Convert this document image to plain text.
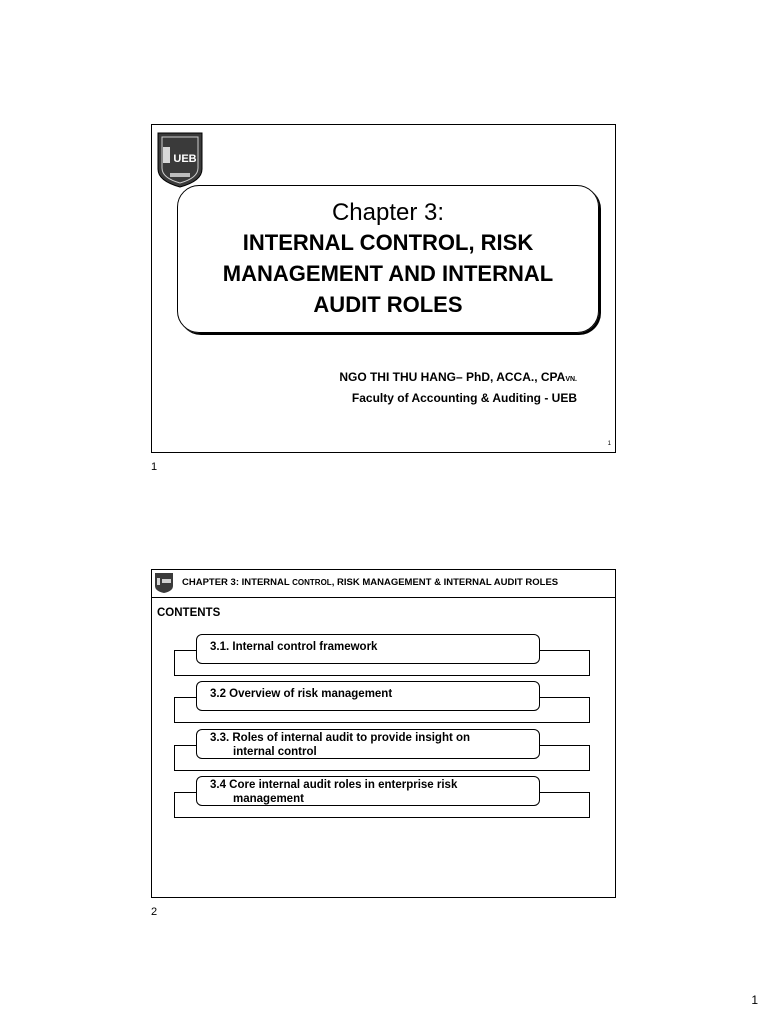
UEB
Chapter 3:
INTERNAL CONTROL, RISK
MANAGEMENT AND INTERNAL
AUDIT ROLES
NGO THI THU HANG– PhD, ACCA., CPAVN.
Faculty of Accounting & Auditing - UEB
1
1
CHAPTER 3: INTERNAL CONTROL, RISK MANAGEMENT & INTERNAL AUDIT ROLES
CONTENTS
3.1. Internal control framework
3.2 Overview of risk management
3.3. Roles of internal audit to provide insight on
internal control
3.4 Core internal audit roles in enterprise risk
management
2
1
